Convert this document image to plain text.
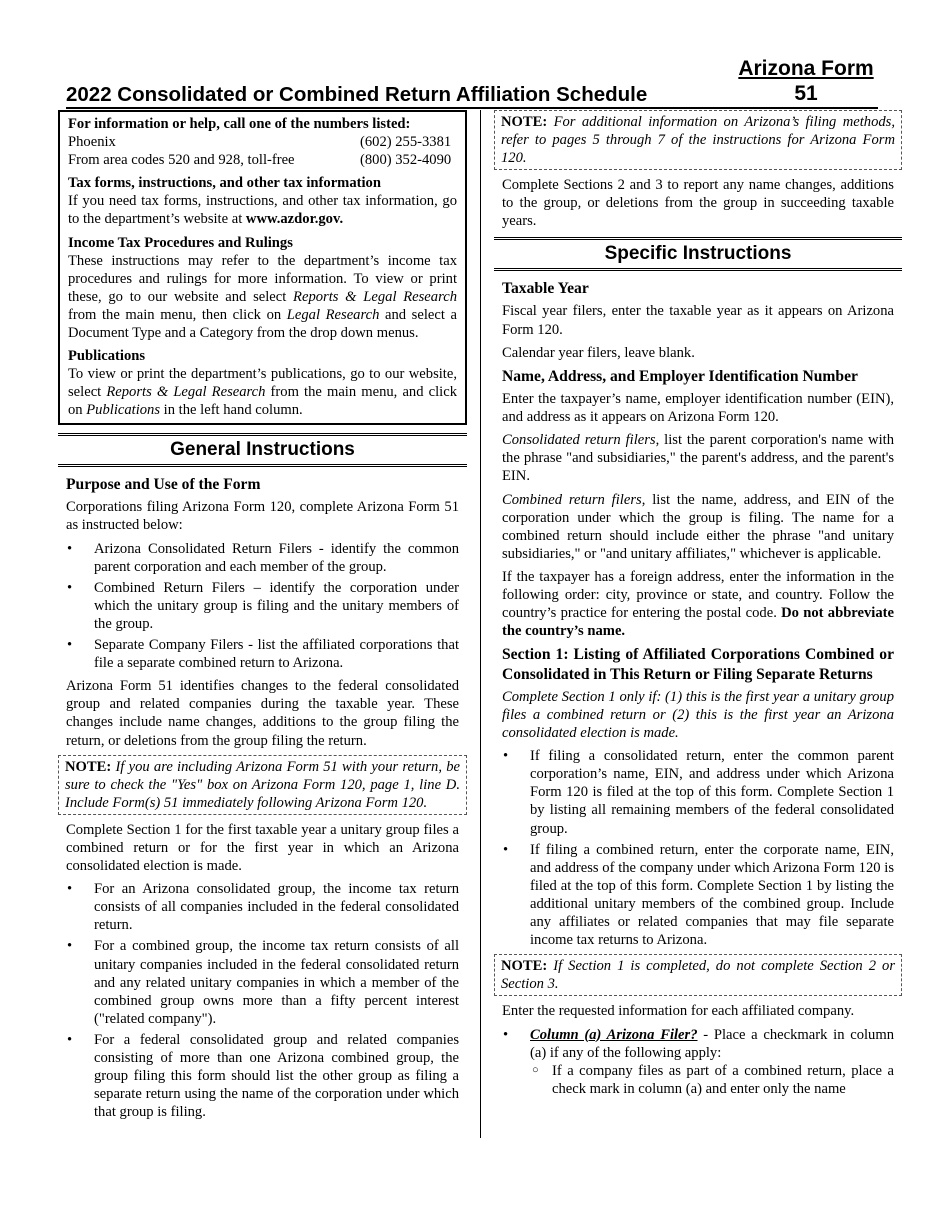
Arizona Form
51
2022 Consolidated or Combined Return Affiliation Schedule
For information or help, call one of the numbers listed:
Phoenix	(602) 255-3381
From area codes 520 and 928, toll-free	(800) 352-4090
Tax forms, instructions, and other tax information

If you need tax forms, instructions, and other tax information, go to the department’s website at www.azdor.gov.

Income Tax Procedures and Rulings

These instructions may refer to the department’s income tax procedures and rulings for more information. To view or print these, go to our website and select Reports & Legal Research from the main menu, then click on Legal Research and select a Document Type and a Category from the drop down menus.

Publications

To view or print the department’s publications, go to our website, select Reports & Legal Research from the main menu, and click on Publications in the left hand column.

General Instructions
Purpose and Use of the Form
Corporations filing Arizona Form 120, complete Arizona Form 51 as instructed below:
• Arizona Consolidated Return Filers - identify the common parent corporation and each member of the group.
• Combined Return Filers – identify the corporation under which the unitary group is filing and the unitary members of the group.
• Separate Company Filers - list the affiliated corporations that file a separate combined return to Arizona.
Arizona Form 51 identifies changes to the federal consolidated group and related companies during the taxable year. These changes include name changes, additions to the group filing the return, or deletions from the group filing the return.
NOTE: If you are including Arizona Form 51 with your return, be sure to check the "Yes" box on Arizona Form 120, page 1, line D. Include Form(s) 51 immediately following Arizona Form 120.
Complete Section 1 for the first taxable year a unitary group files a combined return or for the first year in which an Arizona consolidated election is made.
• For an Arizona consolidated group, the income tax return consists of all companies included in the federal consolidated return.
• For a combined group, the income tax return consists of all unitary companies included in the federal consolidated return and any related unitary companies in which a member of the combined group owns more than a fifty percent interest ("related company").
• For a federal consolidated group and related companies consisting of more than one Arizona combined group, the group filing this form should list the other group as filing a separate return using the name of the corporation under which that group is filing.
NOTE: For additional information on Arizona’s filing methods, refer to pages 5 through 7 of the instructions for Arizona Form 120.
Complete Sections 2 and 3 to report any name changes, additions to the group, or deletions from the group in succeeding taxable years.
Specific Instructions
Taxable Year
Fiscal year filers, enter the taxable year as it appears on Arizona Form 120.
Calendar year filers, leave blank.
Name, Address, and Employer Identification Number
Enter the taxpayer’s name, employer identification number (EIN), and address as it appears on Arizona Form 120.
Consolidated return filers, list the parent corporation's name with the phrase "and subsidiaries," the parent's address, and the parent's EIN.
Combined return filers, list the name, address, and EIN of the corporation under which the group is filing. The name for a combined return should include either the phrase "and unitary subsidiaries," or "and unitary affiliates," whichever is applicable.
If the taxpayer has a foreign address, enter the information in the following order: city, province or state, and country. Follow the country’s practice for entering the postal code. Do not abbreviate the country’s name.
Section 1: Listing of Affiliated Corporations Combined or Consolidated in This Return or Filing Separate Returns
Complete Section 1 only if: (1) this is the first year a unitary group files a combined return or (2) this is the first year an Arizona consolidated election is made.
• If filing a consolidated return, enter the common parent corporation’s name, EIN, and address under which Arizona Form 120 is filed at the top of this form. Complete Section 1 by listing all remaining members of the federal consolidated group.
• If filing a combined return, enter the corporate name, EIN, and address of the company under which Arizona Form 120 is filed at the top of this form. Complete Section 1 by listing the additional unitary members of the combined group. Include any affiliates or related companies that may file separate income tax returns to Arizona.
NOTE: If Section 1 is completed, do not complete Section 2 or Section 3.
Enter the requested information for each affiliated company.
• Column (a) Arizona Filer? - Place a checkmark in column (a) if any of the following apply:
○ If a company files as part of a combined return, place a check mark in column (a) and enter only the name
